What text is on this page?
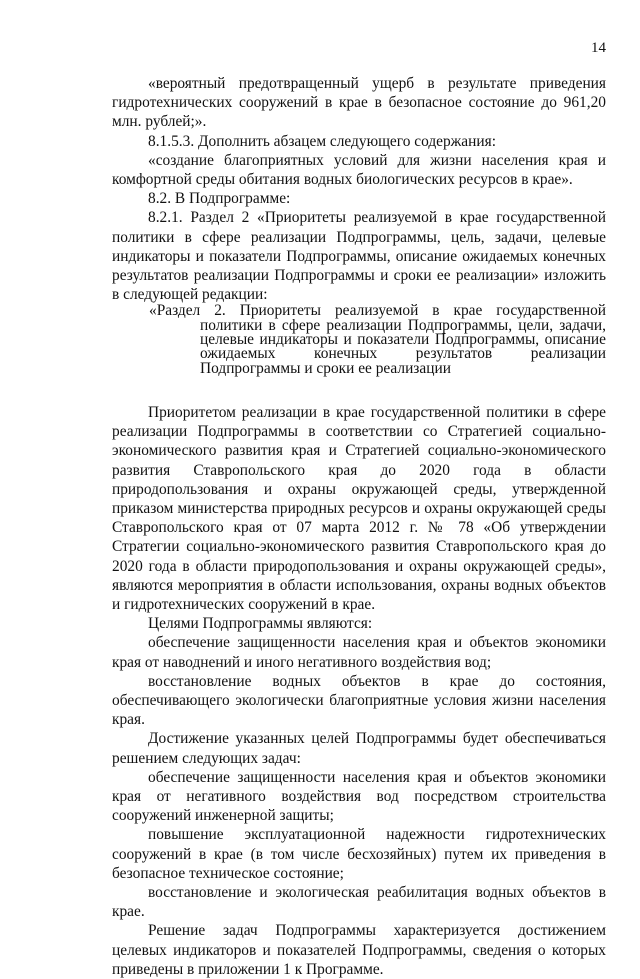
14

«вероятный предотвращенный ущерб в результате приведения гидротехнических сооружений в крае в безопасное состояние до 961,20 млн. рублей;».

8.1.5.3. Дополнить абзацем следующего содержания:

«создание благоприятных условий для жизни населения края и комфортной среды обитания водных биологических ресурсов в крае».

8.2. В Подпрограмме:

8.2.1. Раздел 2 «Приоритеты реализуемой в крае государственной политики в сфере реализации Подпрограммы, цель, задачи, целевые индикаторы и показатели Подпрограммы, описание ожидаемых конечных результатов реализации Подпрограммы и сроки ее реализации» изложить в следующей редакции:

«Раздел 2. Приоритеты реализуемой в крае государственной политики в сфере реализации Подпрограммы, цели, задачи, целевые индикаторы и показатели Подпрограммы, описание ожидаемых конечных результатов реализации Подпрограммы и сроки ее реализации

Приоритетом реализации в крае государственной политики в сфере реализации Подпрограммы в соответствии со Стратегией социально-экономического развития края и Стратегией социально-экономического развития Ставропольского края до 2020 года в области природопользования и охраны окружающей среды, утвержденной приказом министерства природных ресурсов и охраны окружающей среды Ставропольского края от 07 марта 2012 г. № 78 «Об утверждении Стратегии социально-экономического развития Ставропольского края до 2020 года в области природопользования и охраны окружающей среды», являются мероприятия в области использования, охраны водных объектов и гидротехнических сооружений в крае.

Целями Подпрограммы являются:

обеспечение защищенности населения края и объектов экономики края от наводнений и иного негативного воздействия вод;

восстановление водных объектов в крае до состояния, обеспечивающего экологически благоприятные условия жизни населения края.

Достижение указанных целей Подпрограммы будет обеспечиваться решением следующих задач:

обеспечение защищенности населения края и объектов экономики края от негативного воздействия вод посредством строительства сооружений инженерной защиты;

повышение эксплуатационной надежности гидротехнических сооружений в крае (в том числе бесхозяйных) путем их приведения в безопасное техническое состояние;

восстановление и экологическая реабилитация водных объектов в крае.

Решение задач Подпрограммы характеризуется достижением целевых индикаторов и показателей Подпрограммы, сведения о которых приведены в приложении 1 к Программе.
